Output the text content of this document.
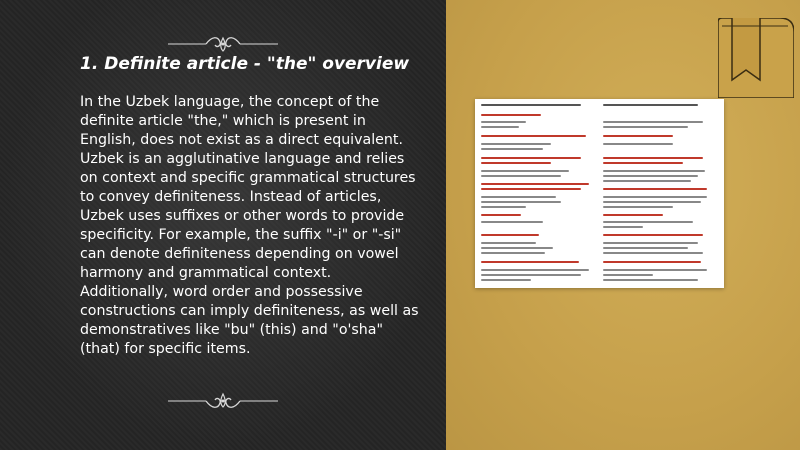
1. Definite article - "the" overview

In the Uzbek language, the concept of the definite article "the," which is present in English, does not exist as a direct equivalent. Uzbek is an agglutinative language and relies on context and specific grammatical structures to convey definiteness. Instead of articles, Uzbek uses suffixes or other words to provide specificity. For example, the suffix "-i" or "-si" can denote definiteness depending on vowel harmony and grammatical context. Additionally, word order and possessive constructions can imply definiteness, as well as demonstratives like "bu" (this) and "o'sha" (that) for specific items.
